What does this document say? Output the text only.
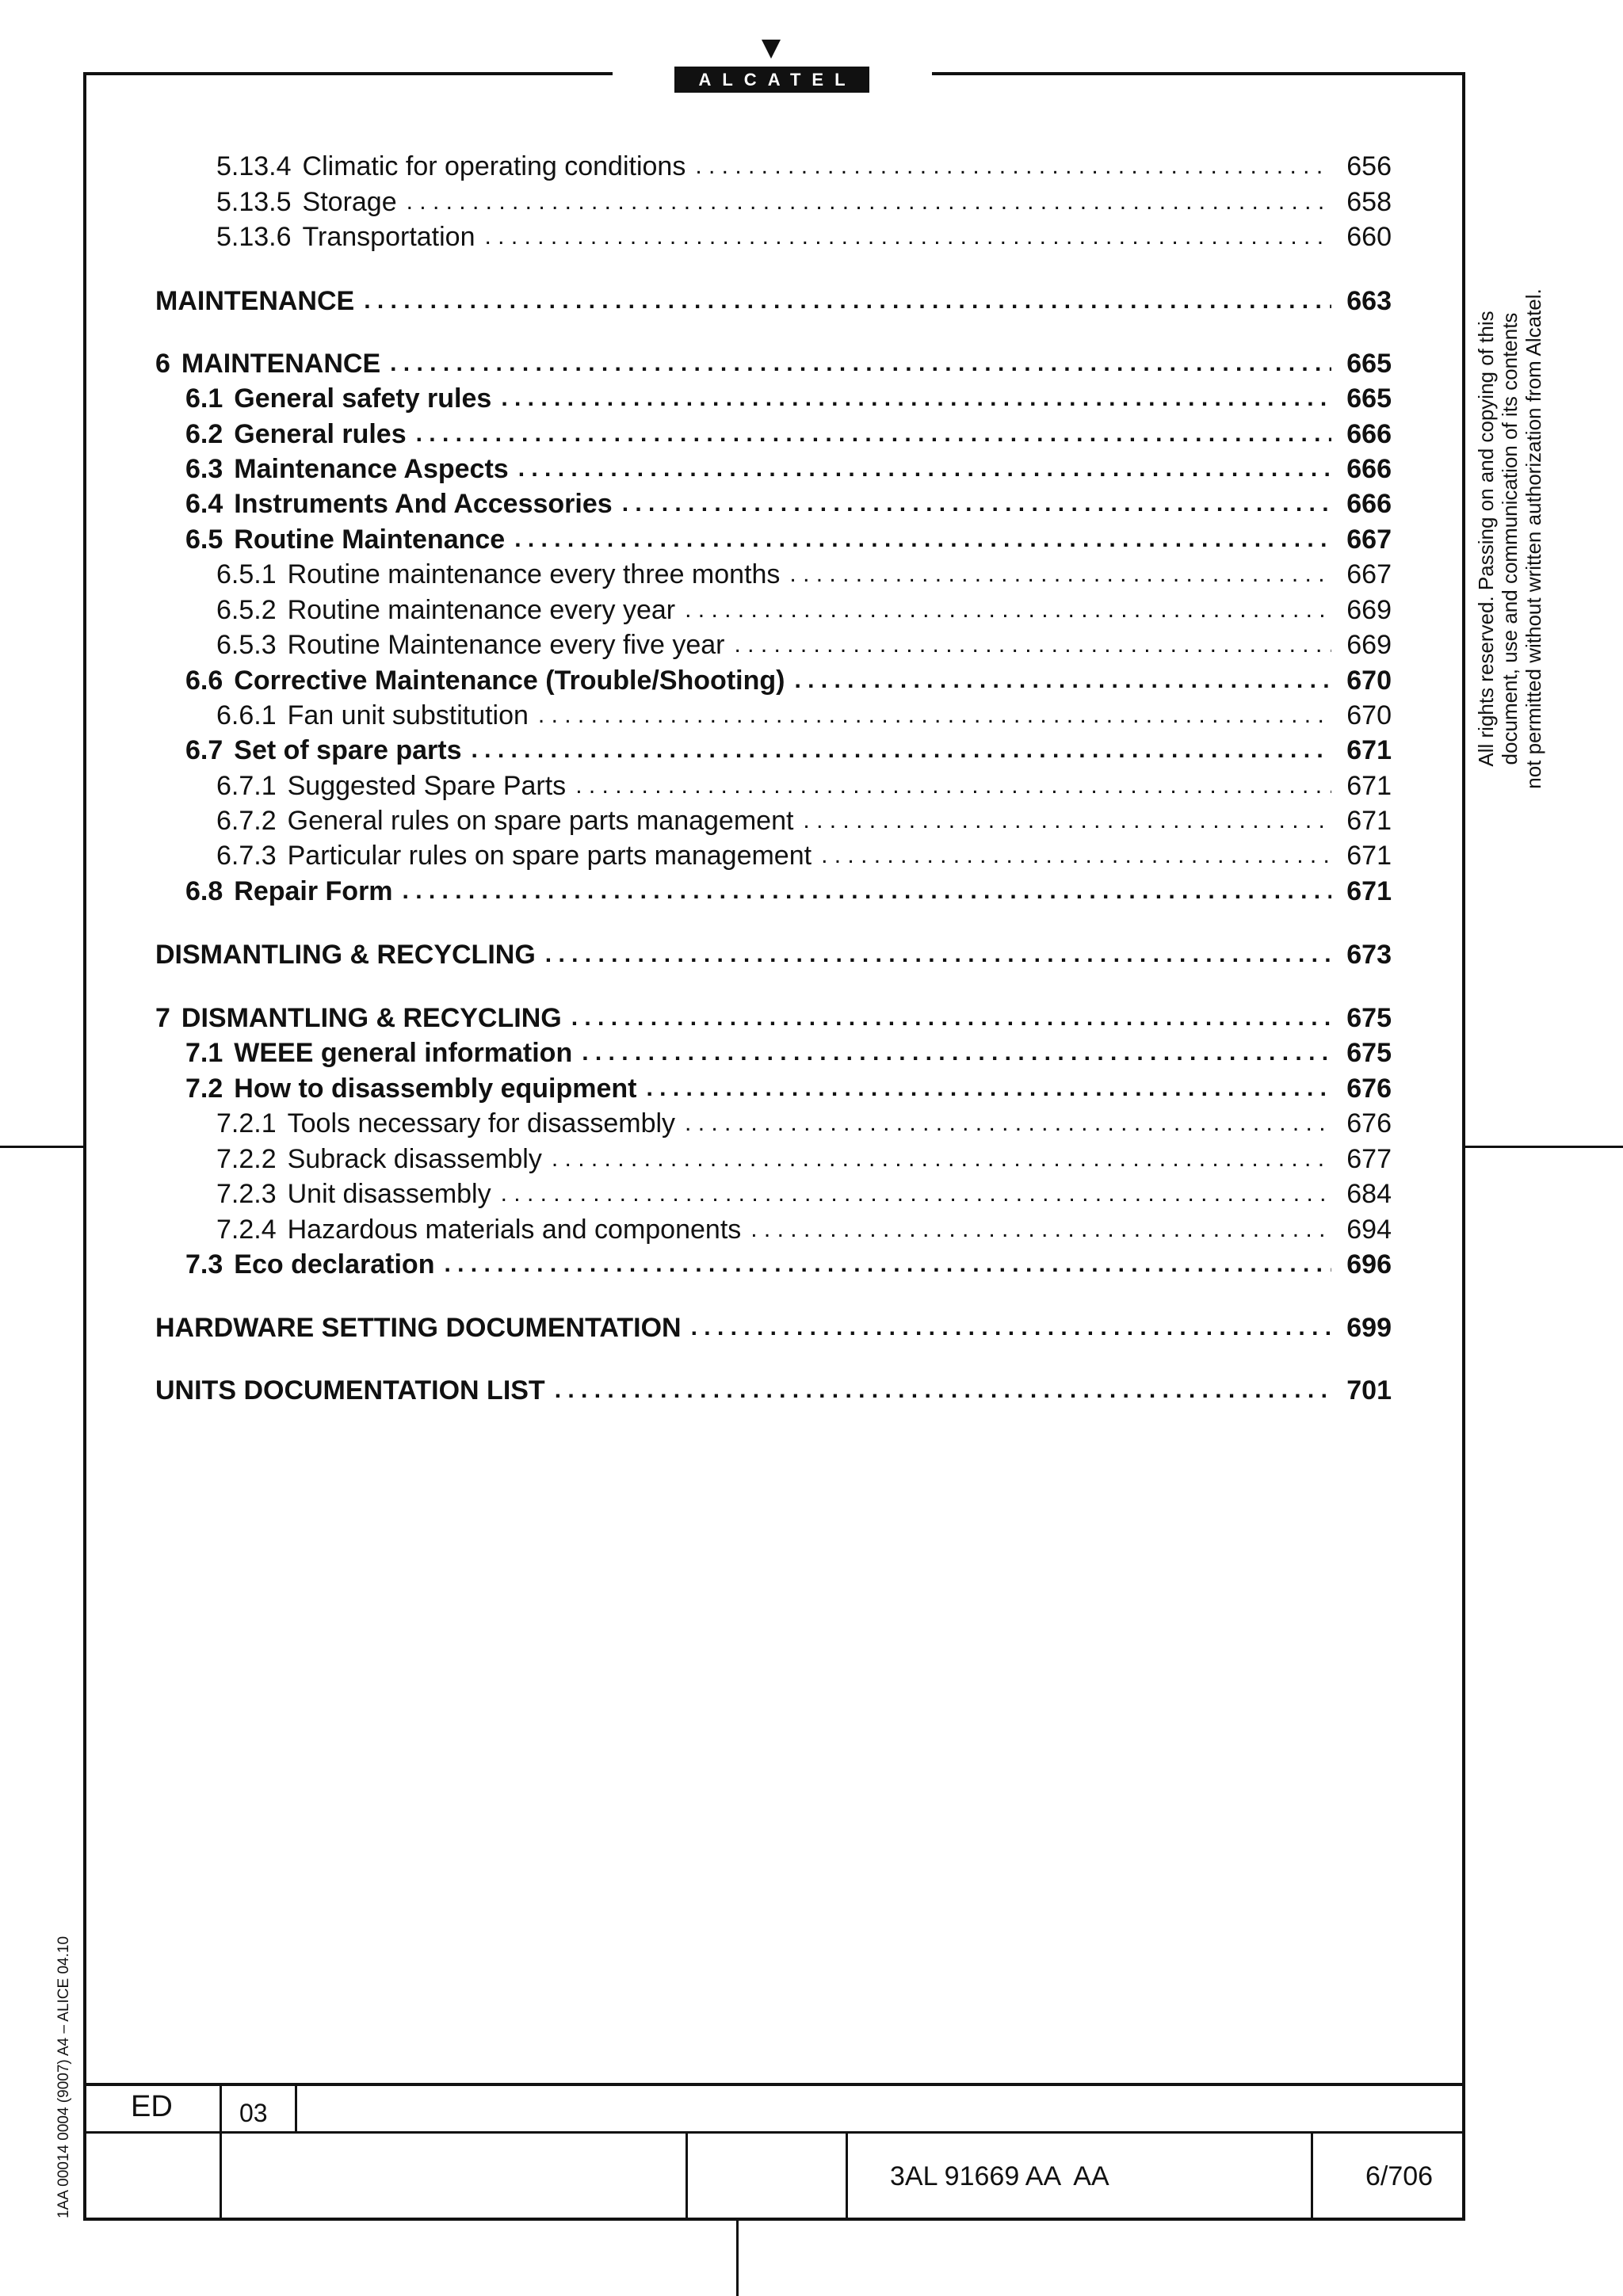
ALCATEL
5.13.4 Climatic for operating conditions . . .	656
5.13.5 Storage . . .	658
5.13.6 Transportation . . .	660
MAINTENANCE . . .	663
6 MAINTENANCE . . .	665
6.1 General safety rules . . .	665
6.2 General rules . . .	666
6.3 Maintenance Aspects . . .	666
6.4 Instruments And Accessories . . .	666
6.5 Routine Maintenance . . .	667
6.5.1 Routine maintenance every three months . . .	667
6.5.2 Routine maintenance every year . . .	669
6.5.3 Routine Maintenance every five year . . .	669
6.6 Corrective Maintenance (Trouble/Shooting) . . .	670
6.6.1 Fan unit substitution . . .	670
6.7 Set of spare parts . . .	671
6.7.1 Suggested Spare Parts . . .	671
6.7.2 General rules on spare parts management . . .	671
6.7.3 Particular rules on spare parts management . . .	671
6.8 Repair Form . . .	671
DISMANTLING & RECYCLING . . .	673
7 DISMANTLING & RECYCLING . . .	675
7.1 WEEE general information . . .	675
7.2 How to disassembly equipment . . .	676
7.2.1 Tools necessary for disassembly . . .	676
7.2.2 Subrack disassembly . . .	677
7.2.3 Unit disassembly . . .	684
7.2.4 Hazardous materials and components . . .	694
7.3 Eco declaration . . .	696
HARDWARE SETTING DOCUMENTATION . . .	699
UNITS DOCUMENTATION LIST . . .	701
All rights reserved. Passing on and copying of this document, use and communication of its contents not permitted without written authorization from Alcatel.
1AA 00014 0004 (9007) A4 – ALICE 04.10 ED	03
3AL 91669 AA  AA	6/706
